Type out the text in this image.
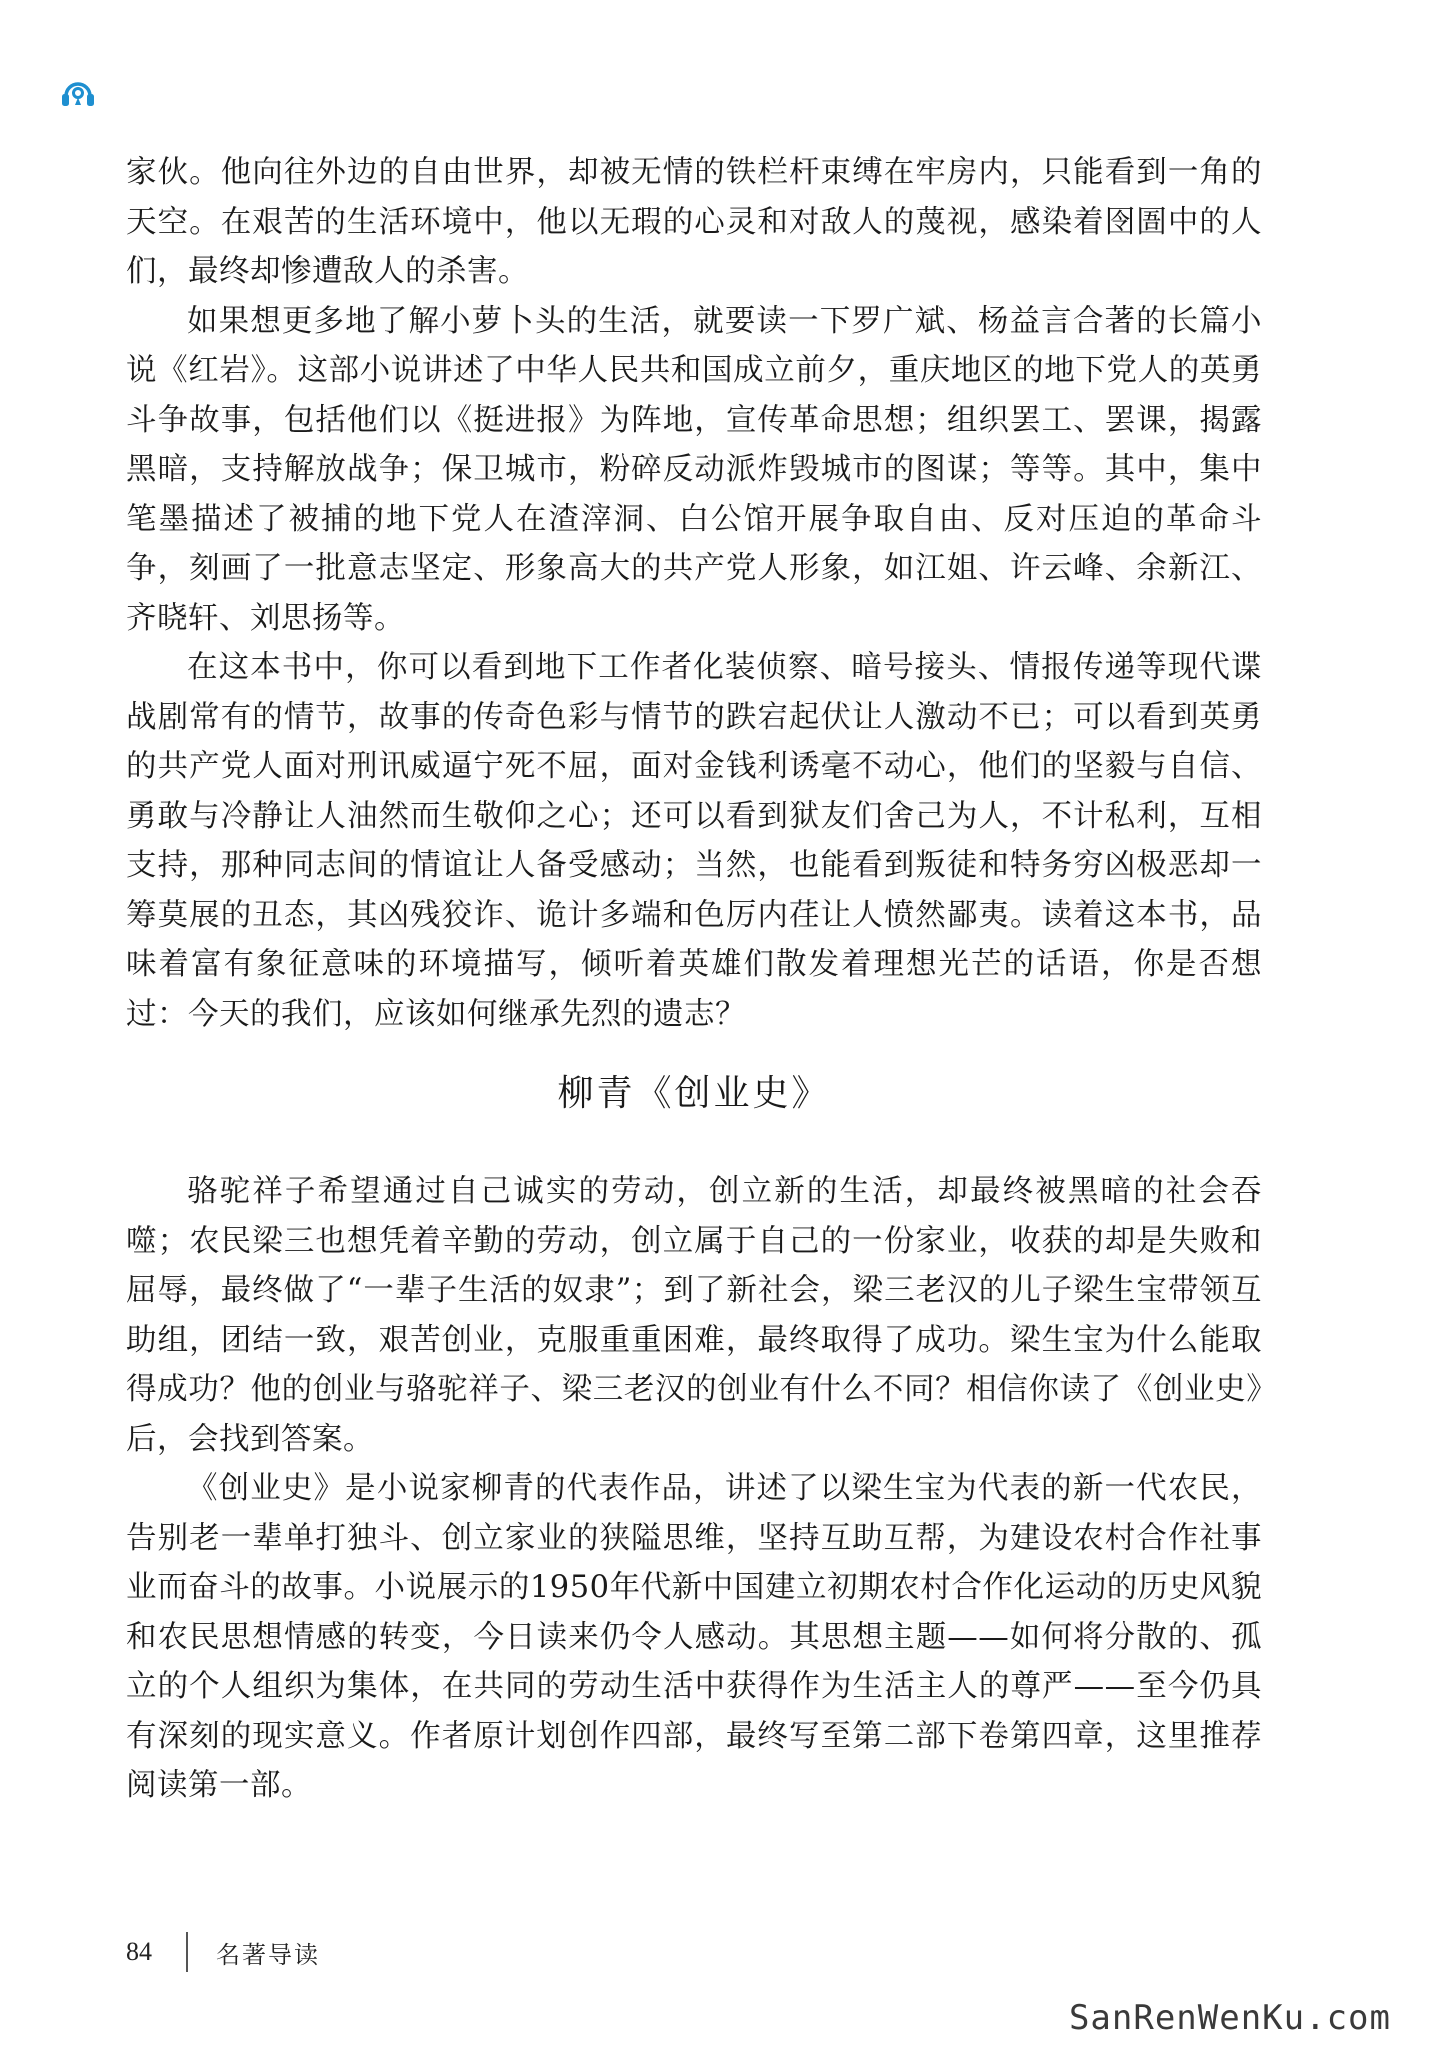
家伙。他向往外边的自由世界，却被无情的铁栏杆束缚在牢房内，只能看到一角的天空。在艰苦的生活环境中，他以无瑕的心灵和对敌人的蔑视，感染着囹圄中的人们，最终却惨遭敌人的杀害。

如果想更多地了解小萝卜头的生活，就要读一下罗广斌、杨益言合著的长篇小说《红岩》。这部小说讲述了中华人民共和国成立前夕，重庆地区的地下党人的英勇斗争故事，包括他们以《挺进报》为阵地，宣传革命思想；组织罢工、罢课，揭露黑暗，支持解放战争；保卫城市，粉碎反动派炸毁城市的图谋；等等。其中，集中笔墨描述了被捕的地下党人在渣滓洞、白公馆开展争取自由、反对压迫的革命斗争，刻画了一批意志坚定、形象高大的共产党人形象，如江姐、许云峰、余新江、齐晓轩、刘思扬等。

在这本书中，你可以看到地下工作者化装侦察、暗号接头、情报传递等现代谍战剧常有的情节，故事的传奇色彩与情节的跌宕起伏让人激动不已；可以看到英勇的共产党人面对刑讯威逼宁死不屈，面对金钱利诱毫不动心，他们的坚毅与自信、勇敢与冷静让人油然而生敬仰之心；还可以看到狱友们舍己为人，不计私利，互相支持，那种同志间的情谊让人备受感动；当然，也能看到叛徒和特务穷凶极恶却一筹莫展的丑态，其凶残狡诈、诡计多端和色厉内荏让人愤然鄙夷。读着这本书，品味着富有象征意味的环境描写，倾听着英雄们散发着理想光芒的话语，你是否想过：今天的我们，应该如何继承先烈的遗志？

柳青《创业史》

骆驼祥子希望通过自己诚实的劳动，创立新的生活，却最终被黑暗的社会吞噬；农民梁三也想凭着辛勤的劳动，创立属于自己的一份家业，收获的却是失败和屈辱，最终做了“一辈子生活的奴隶”；到了新社会，梁三老汉的儿子梁生宝带领互助组，团结一致，艰苦创业，克服重重困难，最终取得了成功。梁生宝为什么能取得成功？他的创业与骆驼祥子、梁三老汉的创业有什么不同？相信你读了《创业史》后，会找到答案。

《创业史》是小说家柳青的代表作品，讲述了以梁生宝为代表的新一代农民，告别老一辈单打独斗、创立家业的狭隘思维，坚持互助互帮，为建设农村合作社事业而奋斗的故事。小说展示的1950年代新中国建立初期农村合作化运动的历史风貌和农民思想情感的转变，今日读来仍令人感动。其思想主题——如何将分散的、孤立的个人组织为集体，在共同的劳动生活中获得作为生活主人的尊严——至今仍具有深刻的现实意义。作者原计划创作四部，最终写至第二部下卷第四章，这里推荐阅读第一部。

84	名著导读
SanRenWenKu.com
